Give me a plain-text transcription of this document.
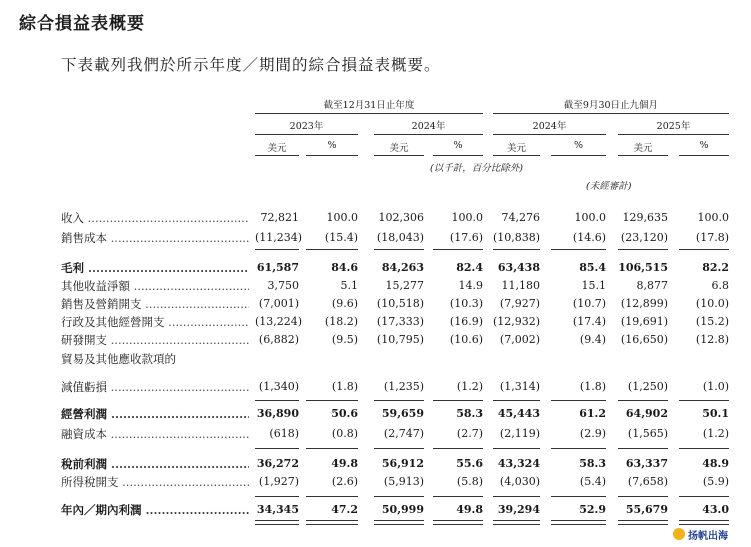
綜合損益表概要
下表載列我們於所示年度／期間的綜合損益表概要。
截至12月31日止年度	截至9月30日止九個月
2023年	2024年	2024年	2025年
美元	%	美元	%	美元	%	美元	%
(以千計，百分比除外)
(未經審計)
收入 .....	72,821	100.0	102,306	100.0	74,276	100.0	129,635	100.0
銷售成本 .....	(11,234)	(15.4) (18,043)	(17.6) (10,838)	(14.6) (23,120)	(17.8)
毛利 .....	61,587	84.6	84,263	82.4	63,438	85.4 106,515	82.2
其他收益淨額 .....	3,750	5.1	15,277	14.9	11,180	15.1	8,877	6.8
銷售及營銷開支 .....	(7,001)	(9.6) (10,518)	(10.3)	(7,927)	(10.7) (12,899)	(10.0)
行政及其他經營開支 .....	(13,224)	(18.2) (17,333)	(16.9) (12,932)	(17.4) (19,691)	(15.2)
研發開支 .....	(6,882)	(9.5) (10,795)	(10.6)	(7,002)	(9.4) (16,650)	(12.8)
貿易及其他應收款項的
減值虧損 .....	(1,340)	(1.8)	(1,235)	(1.2)	(1,314)	(1.8)	(1,250)	(1.0)
經營利潤 .....	36,890	50.6	59,659	58.3	45,443	61.2	64,902	50.1
融資成本 .....	(618)	(0.8)	(2,747)	(2.7)	(2,119)	(2.9)	(1,565)	(1.2)
稅前利潤 .....	36,272	49.8	56,912	55.6	43,324	58.3	63,337	48.9
所得稅開支 .....	(1,927)	(2.6)	(5,913)	(5.8)	(4,030)	(5.4)	(7,658)	(5.9)
年內／期內利潤 .....	34,345	47.2	50,999	49.8	39,294	52.9	55,679	43.0
扬帆出海
